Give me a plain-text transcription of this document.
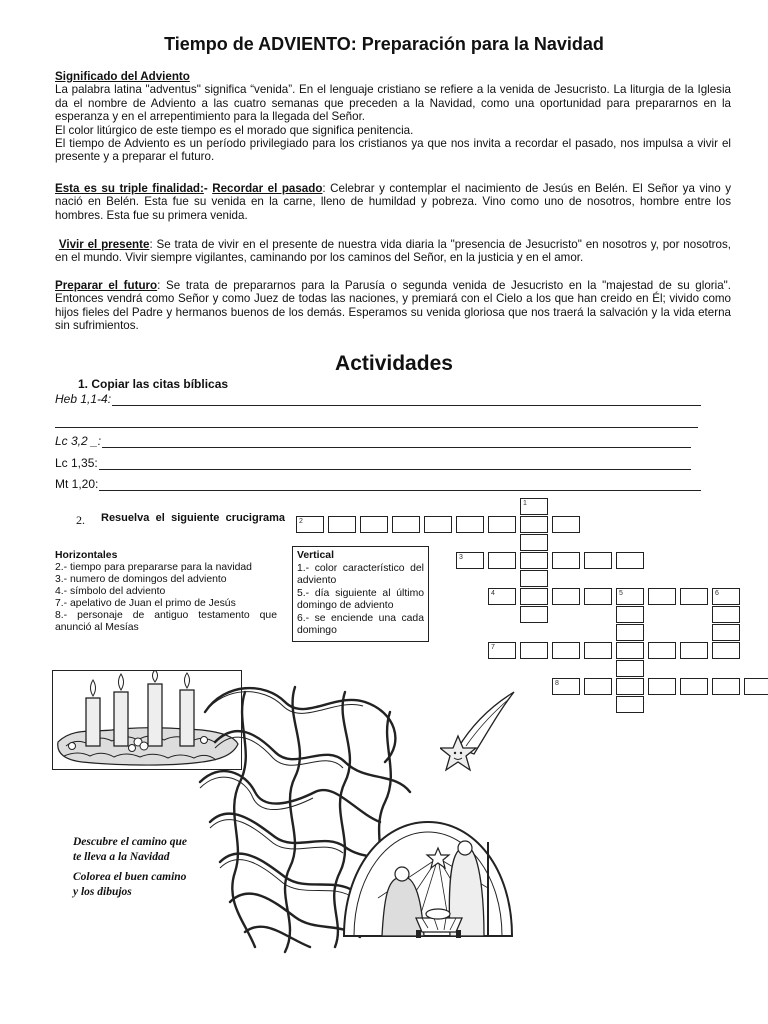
Tiempo de ADVIENTO: Preparación para la Navidad

Significado del Adviento

La palabra latina "adventus" significa “venida”. En el lenguaje cristiano se refiere a la venida de Jesucristo. La liturgia de la Iglesia da el nombre de Adviento a las cuatro semanas que preceden a la Navidad, como una oportunidad para prepararnos en la esperanza y en el arrepentimiento para la llegada del Señor.

El color litúrgico de este tiempo es el morado que significa penitencia.

El tiempo de Adviento es un período privilegiado para los cristianos ya que nos invita a recordar el pasado, nos impulsa a vivir el presente y a preparar el futuro.

Esta es su triple finalidad:- Recordar el pasado: Celebrar y contemplar el nacimiento de Jesús en Belén. El Señor ya vino y nació en Belén. Esta fue su venida en la carne, lleno de humildad y pobreza. Vino como uno de nosotros, hombre entre los hombres. Esta fue su primera venida.

Vivir el presente: Se trata de vivir en el presente de nuestra vida diaria la "presencia de Jesucristo" en nosotros y, por nosotros, en el mundo. Vivir siempre vigilantes, caminando por los caminos del Señor, en la justicia y en el amor.

Preparar el futuro: Se trata de prepararnos para la Parusía o segunda venida de Jesucristo en la "majestad de su gloria". Entonces vendrá como Señor y como Juez de todas las naciones, y premiará con el Cielo a los que han creido en Él; vivido como hijos fieles del Padre y hermanos buenos de los demás. Esperamos su venida gloriosa que nos traerá la salvación y la vida eterna sin sufrimientos.

Actividades
1. Copiar las citas bíblicas
Heb 1,1-4:
Lc 3,2 _:
Lc 1,35:
Mt 1,20:
2. Resuelva el siguiente crucigrama
Horizontales
2.- tiempo para prepararse para la navidad
3.- numero de domingos del adviento
4.- símbolo del adviento
7.- apelativo de Juan el primo de Jesús
8.- personaje de antiguo testamento que anunció al Mesías
Vertical
1.- color característico del adviento
5.- día siguiente al último domingo de adviento
6.- se enciende una cada domingo
1
2
3
4	5	6
7
8
Descubre el camino que te lleva a la Navidad
Colorea el buen camino y los dibujos
